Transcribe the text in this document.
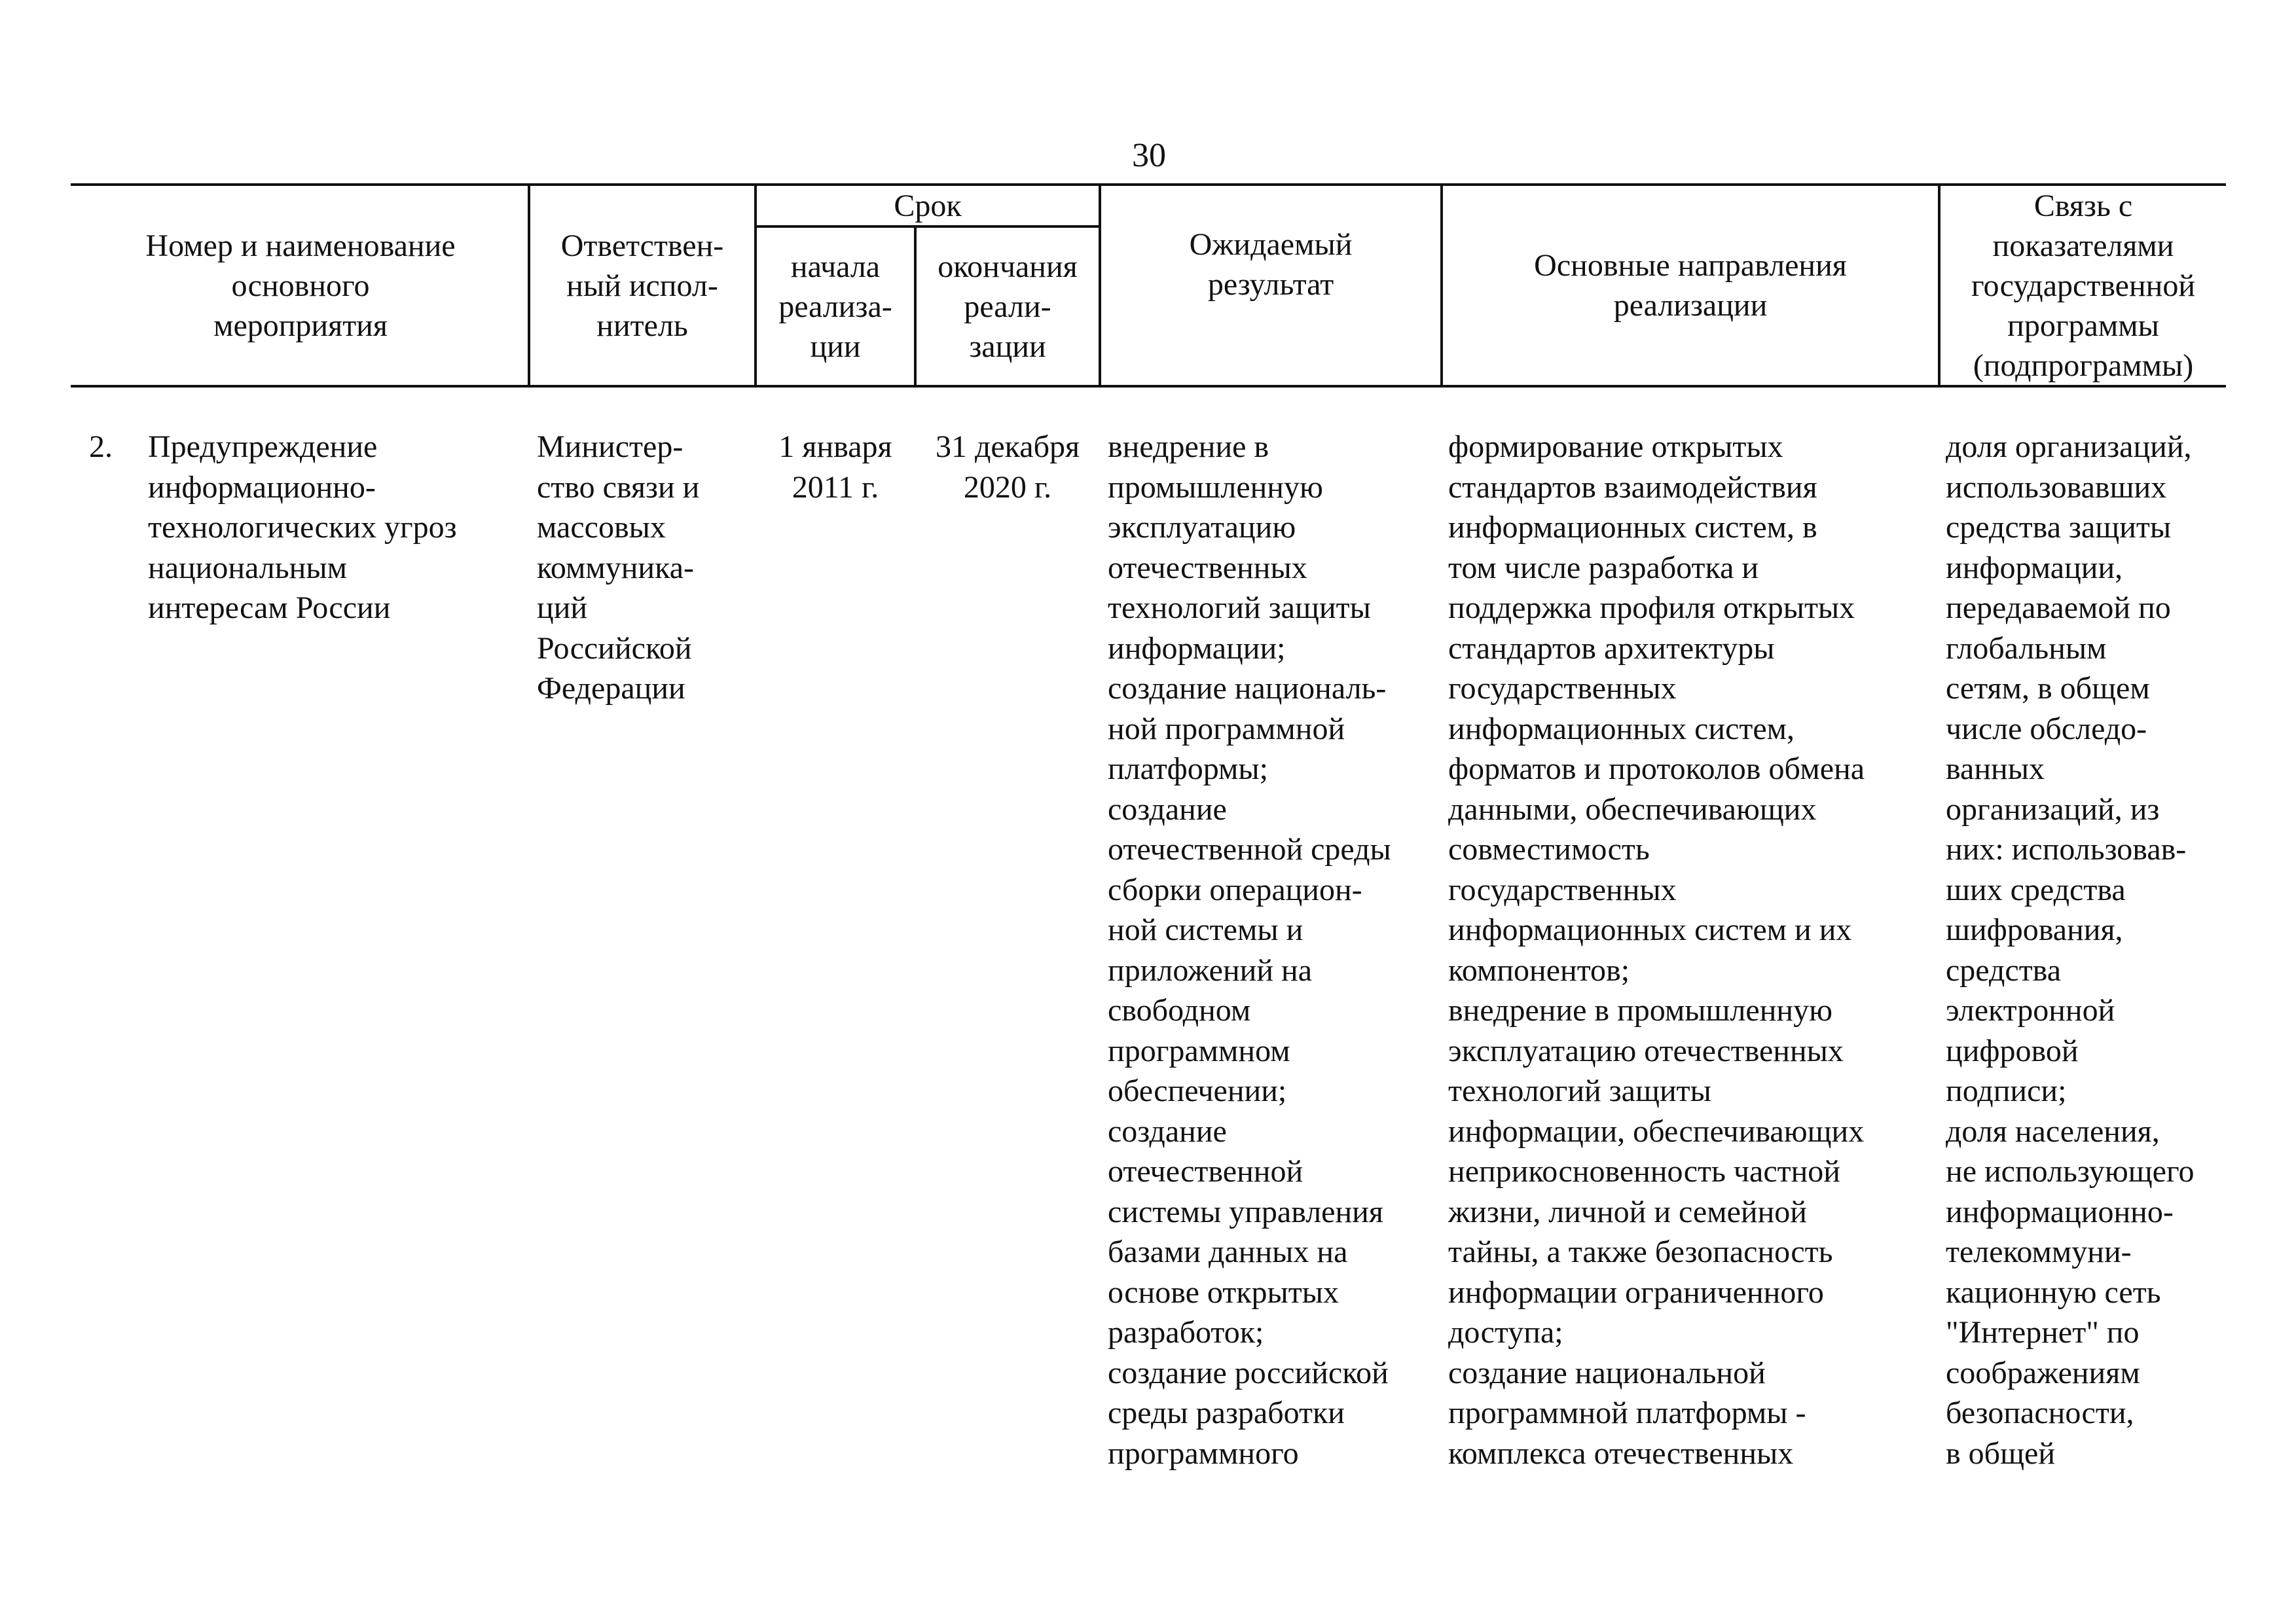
30
Номер и наименование
основного
мероприятия
Ответствен-
ный испол-
нитель
Срок
начала
реализа-
ции
окончания
реали-
зации
Ожидаемый
результат
Основные направления
реализации
Связь с
показателями
государственной
программы
(подпрограммы)
2.	Предупреждение
информационно-
технологических угроз
национальным
интересам России
Министер-
ство связи и
массовых
коммуника-
ций
Российской
Федерации
1 января
2011 г.
31 декабря
2020 г.
внедрение в
промышленную
эксплуатацию
отечественных
технологий защиты
информации;
создание националь-
ной программной
платформы;
создание
отечественной среды
сборки операцион-
ной системы и
приложений на
свободном
программном
обеспечении;
создание
отечественной
системы управления
базами данных на
основе открытых
разработок;
создание российской
среды разработки
программного
формирование открытых
стандартов взаимодействия
информационных систем, в
том числе разработка и
поддержка профиля открытых
стандартов архитектуры
государственных
информационных систем,
форматов и протоколов обмена
данными, обеспечивающих
совместимость
государственных
информационных систем и их
компонентов;
внедрение в промышленную
эксплуатацию отечественных
технологий защиты
информации, обеспечивающих
неприкосновенность частной
жизни, личной и семейной
тайны, а также безопасность
информации ограниченного
доступа;
создание национальной
программной платформы -
комплекса отечественных
доля организаций,
использовавших
средства защиты
информации,
передаваемой по
глобальным
сетям, в общем
числе обследо-
ванных
организаций, из
них: использовав-
ших средства
шифрования,
средства
электронной
цифровой
подписи;
доля населения,
не использующего
информационно-
телекоммуни-
кационную сеть
"Интернет" по
соображениям
безопасности,
в общей
